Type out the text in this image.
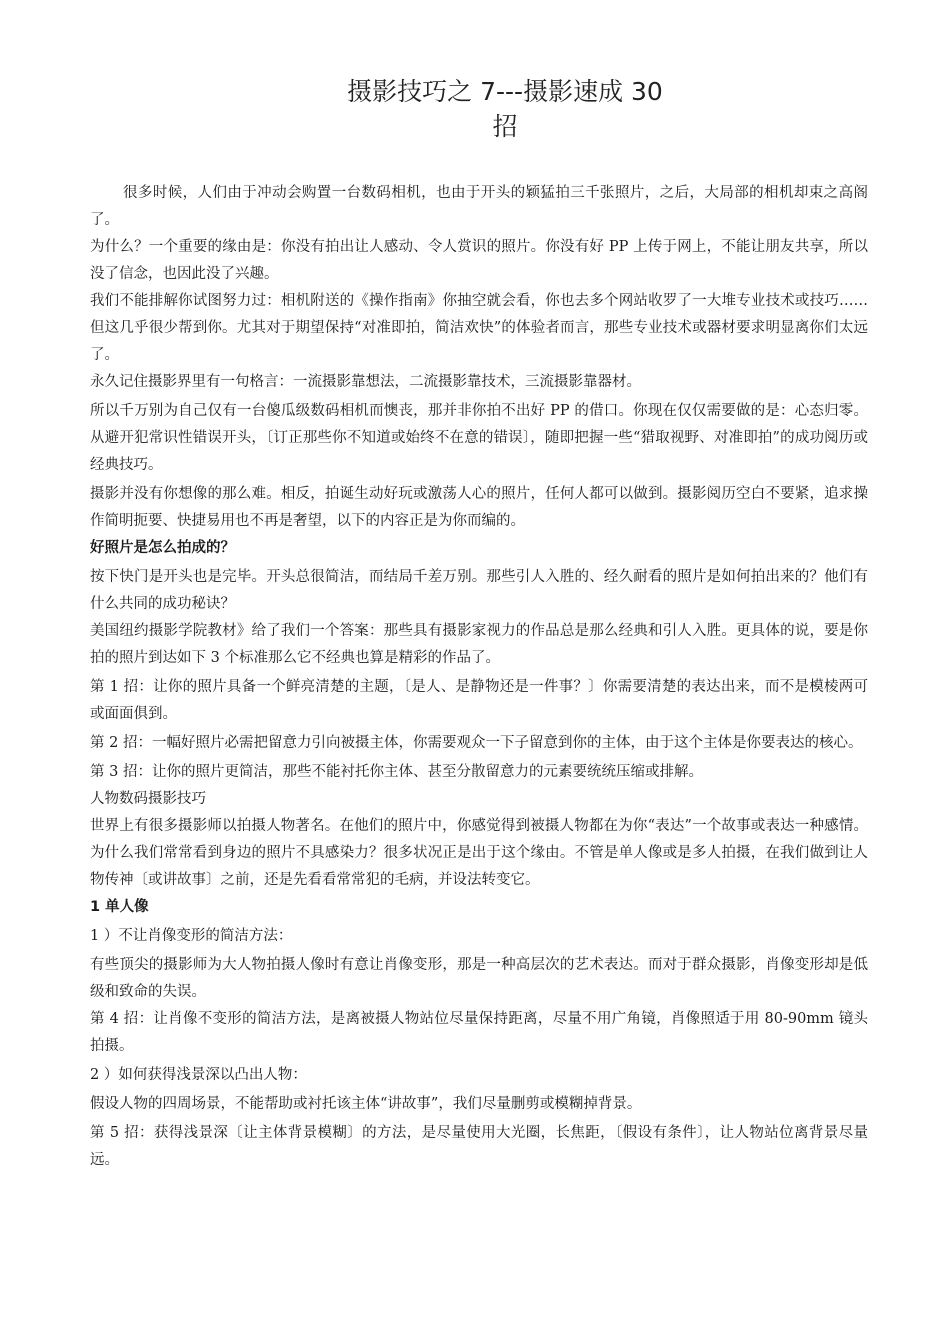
摄影技巧之 7---摄影速成 30
招

很多时候，人们由于冲动会购置一台数码相机，也由于开头的颖猛拍三千张照片，之后，大局部的相机却束之高阁了。

为什么？一个重要的缘由是：你没有拍出让人感动、令人赏识的照片。你没有好 PP 上传于网上，不能让朋友共享，所以没了信念，也因此没了兴趣。

我们不能排解你试图努力过：相机附送的《操作指南》你抽空就会看，你也去多个网站收罗了一大堆专业技术或技巧……但这几乎很少帮到你。尤其对于期望保持“对准即拍，简洁欢快”的体验者而言，那些专业技术或器材要求明显离你们太远了。

永久记住摄影界里有一句格言：一流摄影靠想法，二流摄影靠技术，三流摄影靠器材。

所以千万别为自己仅有一台傻瓜级数码相机而懊丧，那并非你拍不出好 PP 的借口。你现在仅仅需要做的是：心态归零。从避开犯常识性错误开头，〔订正那些你不知道或始终不在意的错误〕，随即把握一些“猎取视野、对准即拍”的成功阅历或经典技巧。

摄影并没有你想像的那么难。相反，拍诞生动好玩或激荡人心的照片，任何人都可以做到。摄影阅历空白不要紧，追求操作简明扼要、快捷易用也不再是奢望，以下的内容正是为你而编的。

好照片是怎么拍成的？

按下快门是开头也是完毕。开头总很简洁，而结局千差万别。那些引人入胜的、经久耐看的照片是如何拍出来的？他们有什么共同的成功秘诀？

美国纽约摄影学院教材》给了我们一个答案：那些具有摄影家视力的作品总是那么经典和引人入胜。更具体的说，要是你拍的照片到达如下 3 个标准那么它不经典也算是精彩的作品了。

第 1 招：让你的照片具备一个鲜亮清楚的主题，〔是人、是静物还是一件事？〕你需要清楚的表达出来，而不是模棱两可或面面俱到。

第 2 招：一幅好照片必需把留意力引向被摄主体，你需要观众一下子留意到你的主体，由于这个主体是你要表达的核心。

第 3 招：让你的照片更简洁，那些不能衬托你主体、甚至分散留意力的元素要统统压缩或排解。

人物数码摄影技巧

世界上有很多摄影师以拍摄人物著名。在他们的照片中，你感觉得到被摄人物都在为你“表达”一个故事或表达一种感情。为什么我们常常看到身边的照片不具感染力？很多状况正是出于这个缘由。不管是单人像或是多人拍摄，在我们做到让人物传神〔或讲故事〕之前，还是先看看常常犯的毛病，并设法转变它。

1 单人像

1 ）不让肖像变形的简洁方法：

有些顶尖的摄影师为大人物拍摄人像时有意让肖像变形，那是一种高层次的艺术表达。而对于群众摄影，肖像变形却是低级和致命的失误。

第 4 招：让肖像不变形的简洁方法，是离被摄人物站位尽量保持距离，尽量不用广角镜，肖像照适于用 80-90mm 镜头拍摄。

2 ）如何获得浅景深以凸出人物：

假设人物的四周场景，不能帮助或衬托该主体“讲故事”，我们尽量删剪或模糊掉背景。

第 5 招：获得浅景深〔让主体背景模糊〕的方法，是尽量使用大光圈，长焦距，〔假设有条件〕，让人物站位离背景尽量远。
